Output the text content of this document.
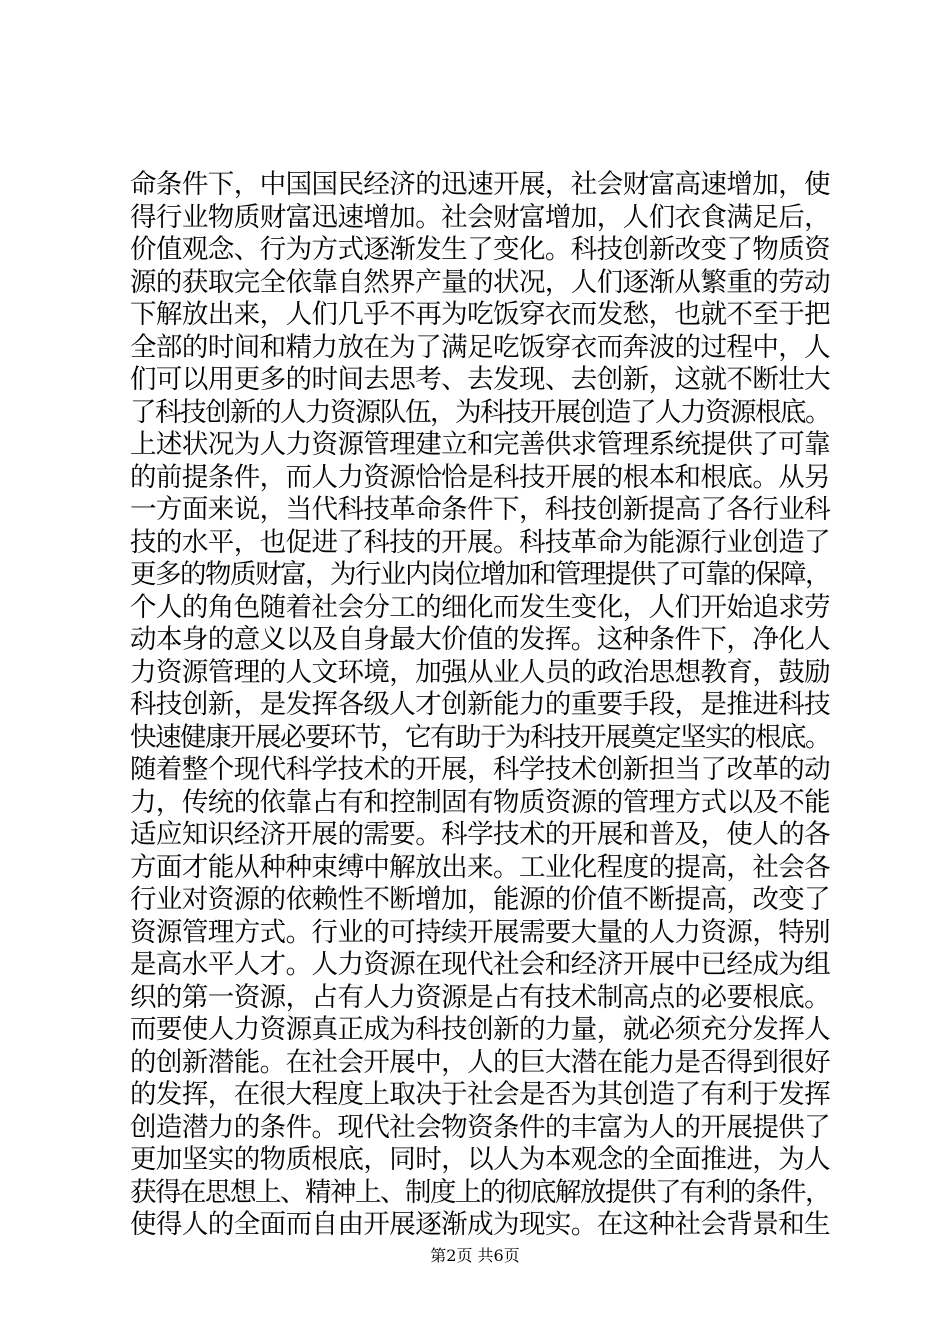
命条件下，中国国民经济的迅速开展，社会财富高速增加，使
得行业物质财富迅速增加。社会财富增加，人们衣食满足后，
价值观念、行为方式逐渐发生了变化。科技创新改变了物质资
源的获取完全依靠自然界产量的状况，人们逐渐从繁重的劳动
下解放出来，人们几乎不再为吃饭穿衣而发愁，也就不至于把
全部的时间和精力放在为了满足吃饭穿衣而奔波的过程中，人
们可以用更多的时间去思考、去发现、去创新，这就不断壮大
了科技创新的人力资源队伍，为科技开展创造了人力资源根底。
上述状况为人力资源管理建立和完善供求管理系统提供了可靠
的前提条件，而人力资源恰恰是科技开展的根本和根底。从另
一方面来说，当代科技革命条件下，科技创新提高了各行业科
技的水平，也促进了科技的开展。科技革命为能源行业创造了
更多的物质财富，为行业内岗位增加和管理提供了可靠的保障，
个人的角色随着社会分工的细化而发生变化，人们开始追求劳
动本身的意义以及自身最大价值的发挥。这种条件下，净化人
力资源管理的人文环境，加强从业人员的政治思想教育，鼓励
科技创新，是发挥各级人才创新能力的重要手段，是推进科技
快速健康开展必要环节，它有助于为科技开展奠定坚实的根底。
随着整个现代科学技术的开展，科学技术创新担当了改革的动
力，传统的依靠占有和控制固有物质资源的管理方式以及不能
适应知识经济开展的需要。科学技术的开展和普及，使人的各
方面才能从种种束缚中解放出来。工业化程度的提高，社会各
行业对资源的依赖性不断增加，能源的价值不断提高，改变了
资源管理方式。行业的可持续开展需要大量的人力资源，特别
是高水平人才。人力资源在现代社会和经济开展中已经成为组
织的第一资源，占有人力资源是占有技术制高点的必要根底。
而要使人力资源真正成为科技创新的力量，就必须充分发挥人
的创新潜能。在社会开展中，人的巨大潜在能力是否得到很好
的发挥，在很大程度上取决于社会是否为其创造了有利于发挥
创造潜力的条件。现代社会物资条件的丰富为人的开展提供了
更加坚实的物质根底，同时，以人为本观念的全面推进，为人
获得在思想上、精神上、制度上的彻底解放提供了有利的条件，
使得人的全面而自由开展逐渐成为现实。在这种社会背景和生
第2页 共6页
